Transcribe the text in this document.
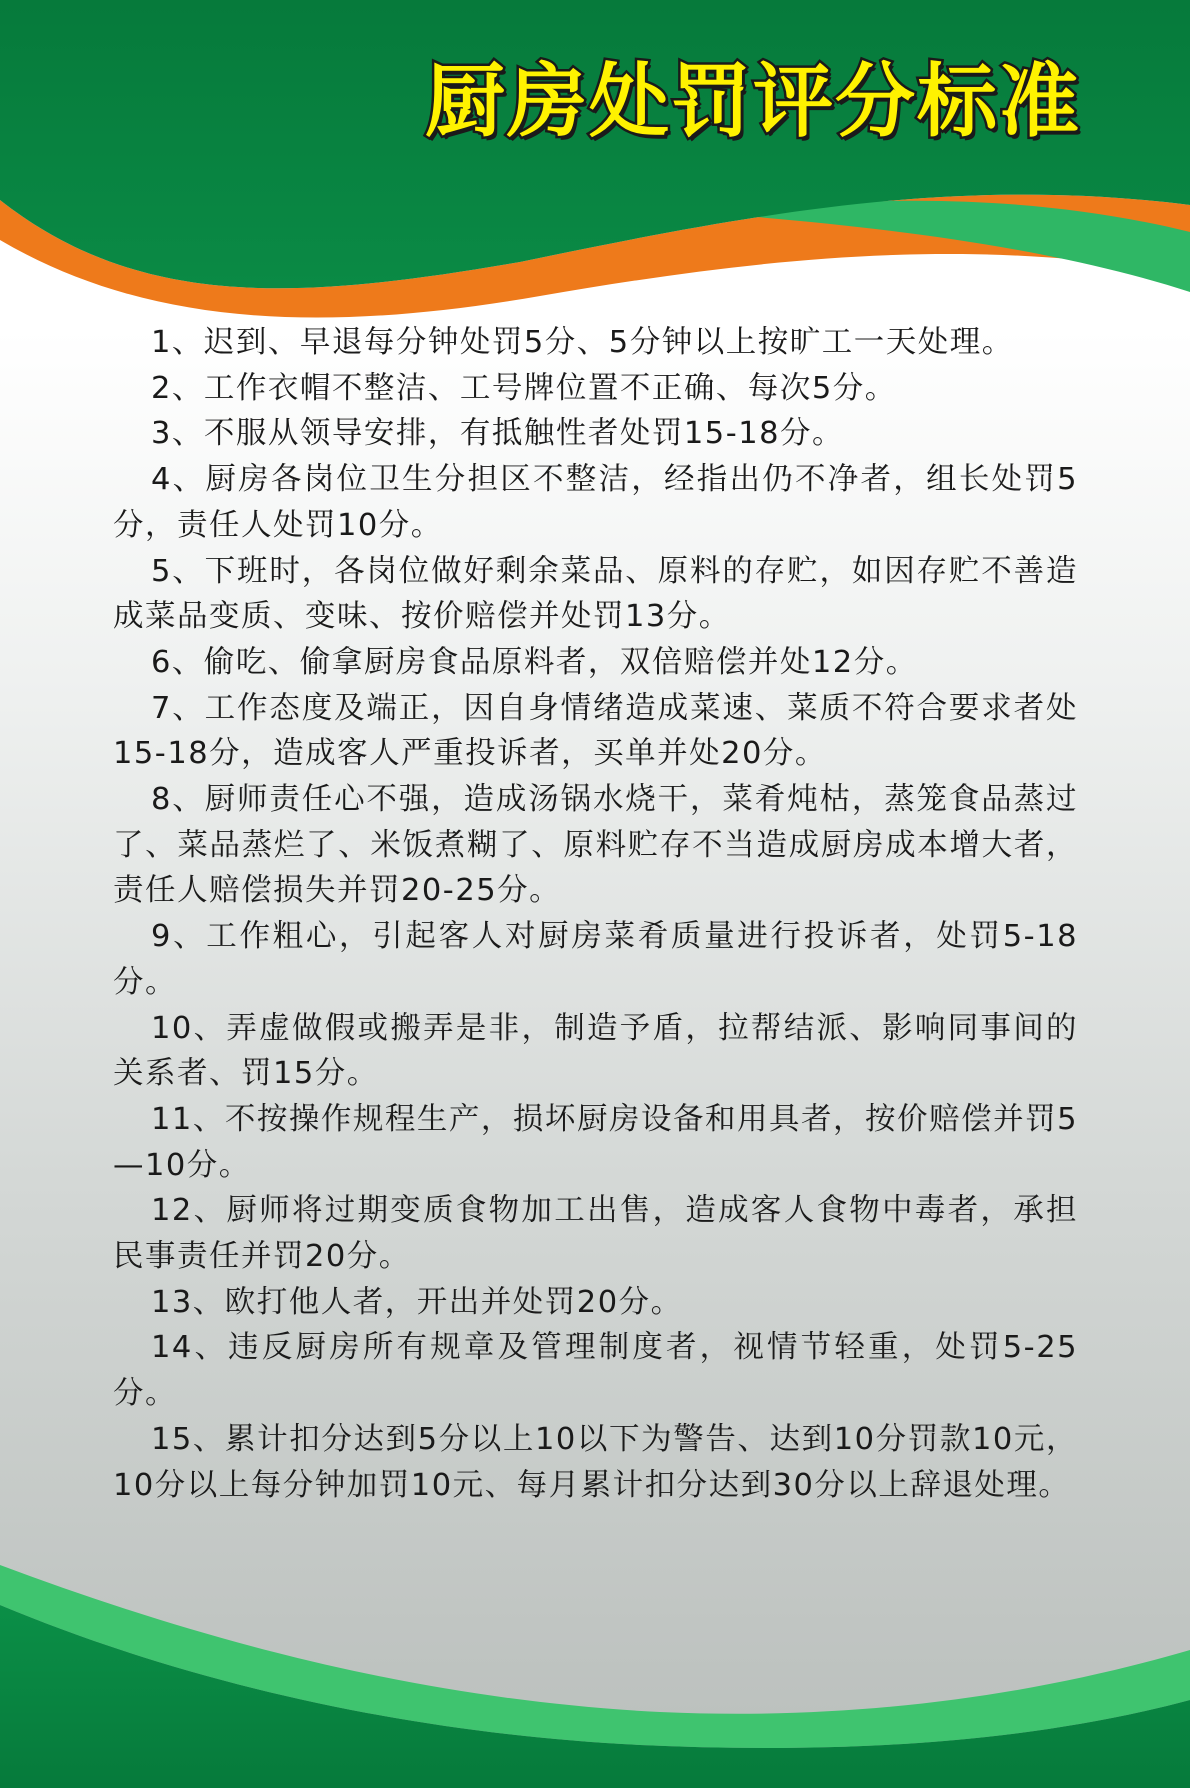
厨房处罚评分标准
1、迟到、早退每分钟处罚5分、5分钟以上按旷工一天处理。
2、工作衣帽不整洁、工号牌位置不正确、每次5分。
3、不服从领导安排，有抵触性者处罚15-18分。
4、厨房各岗位卫生分担区不整洁，经指出仍不净者，组长处罚5分，责任人处罚10分。
5、下班时，各岗位做好剩余菜品、原料的存贮，如因存贮不善造成菜品变质、变味、按价赔偿并处罚13分。
6、偷吃、偷拿厨房食品原料者，双倍赔偿并处12分。
7、工作态度及端正，因自身情绪造成菜速、菜质不符合要求者处15-18分，造成客人严重投诉者，买单并处20分。
8、厨师责任心不强，造成汤锅水烧干，菜肴炖枯，蒸笼食品蒸过了、菜品蒸烂了、米饭煮糊了、原料贮存不当造成厨房成本增大者，责任人赔偿损失并罚20-25分。
9、工作粗心，引起客人对厨房菜肴质量进行投诉者，处罚5-18分。
10、弄虚做假或搬弄是非，制造予盾，拉帮结派、影响同事间的关系者、罚15分。
11、不按操作规程生产，损坏厨房设备和用具者，按价赔偿并罚5—10分。
12、厨师将过期变质食物加工出售，造成客人食物中毒者，承担民事责任并罚20分。
13、欧打他人者，开出并处罚20分。
14、违反厨房所有规章及管理制度者，视情节轻重，处罚5-25分。
15、累计扣分达到5分以上10以下为警告、达到10分罚款10元，10分以上每分钟加罚10元、每月累计扣分达到30分以上辞退处理。
